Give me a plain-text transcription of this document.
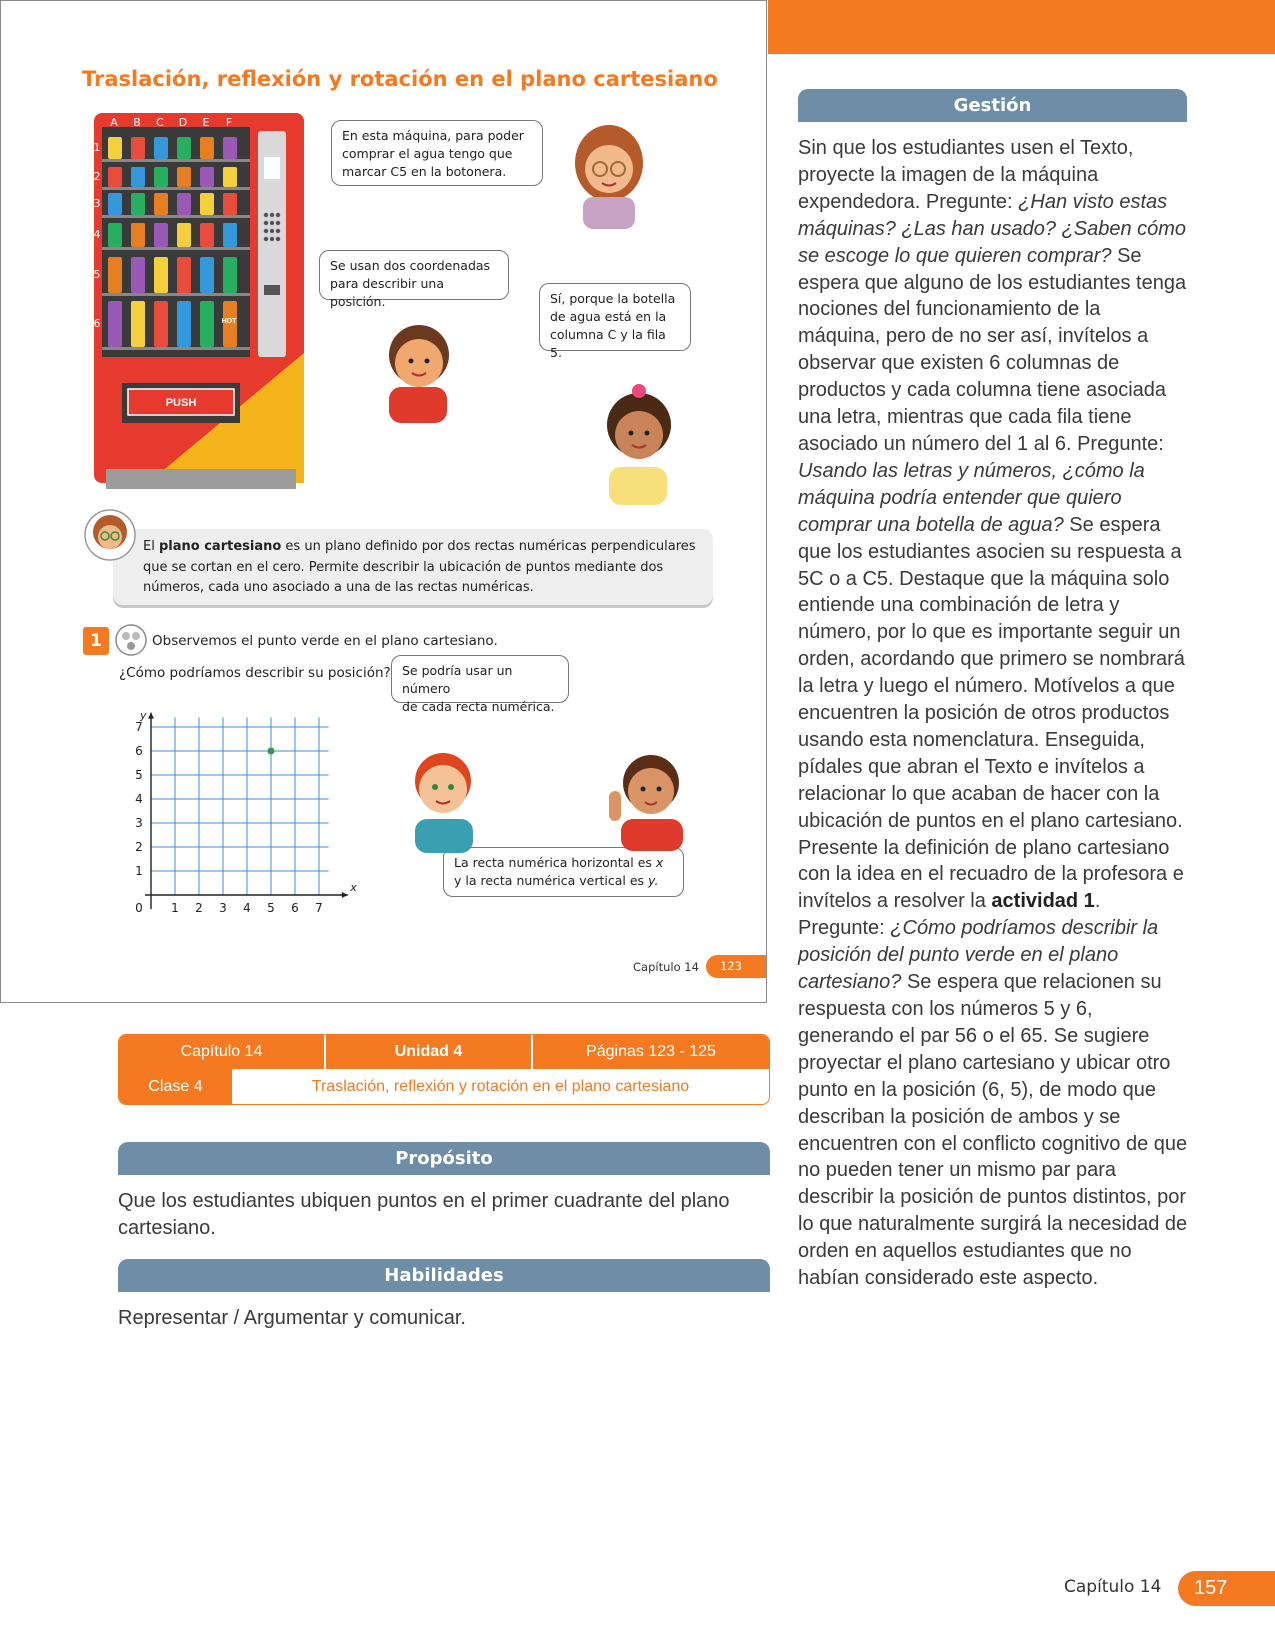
Traslación, reflexión y rotación en el plano cartesiano
HOT
A B C D E F
1
2
3
4
5
6
PUSH
En esta máquina, para poder
comprar el agua tengo que
marcar C5 en la botonera.
Se usan dos coordenadas
para describir una posición.	Sí, porque la botella
de agua está en la
columna C y la fila 5.
Se podría usar un número
de cada recta numérica.
La recta numérica horizontal es x
y la recta numérica vertical es y.
El plano cartesiano es un plano definido por dos rectas numéricas perpendiculares que se cortan en el cero. Permite describir la ubicación de puntos mediante dos números, cada uno asociado a una de las rectas numéricas.
1	Observemos el punto verde en el plano cartesiano.
¿Cómo podríamos describir su posición?
1 2 3 4 5 6 7
1
2
3
4
5
6
7
0
x
y
Capítulo 14	123
Capítulo 14	Unidad 4	Páginas 123 - 125
Clase 4	Traslación, reflexión y rotación en el plano cartesiano
Propósito
Que los estudiantes ubiquen puntos en el primer cuadrante del plano cartesiano.
Habilidades
Representar / Argumentar y comunicar.
Gestión
Sin que los estudiantes usen el Texto, proyecte la imagen de la máquina expendedora. Pregunte: ¿Han visto estas máquinas? ¿Las han usado? ¿Saben cómo se escoge lo que quieren comprar? Se espera que alguno de los estudiantes tenga nociones del funcionamiento de la máquina, pero de no ser así, invítelos a observar que existen 6 columnas de productos y cada columna tiene asociada una letra, mientras que cada fila tiene asociado un número del 1 al 6. Pregunte: Usando las letras y números, ¿cómo la máquina podría entender que quiero comprar una botella de agua? Se espera que los estudiantes asocien su respuesta a 5C o a C5. Destaque que la máquina solo entiende una combinación de letra y número, por lo que es importante seguir un orden, acordando que primero se nombrará la letra y luego el número. Motívelos a que encuentren la posición de otros productos usando esta nomenclatura. Enseguida, pídales que abran el Texto e invítelos a relacionar lo que acaban de hacer con la ubicación de puntos en el plano cartesiano. Presente la definición de plano cartesiano con la idea en el recuadro de la profesora e invítelos a resolver la actividad 1. Pregunte: ¿Cómo podríamos describir la posición del punto verde en el plano cartesiano? Se espera que relacionen su respuesta con los números 5 y 6, generando el par 56 o el 65. Se sugiere proyectar el plano cartesiano y ubicar otro punto en la posición (6, 5), de modo que describan la posición de ambos y se encuentren con el conflicto cognitivo de que no pueden tener un mismo par para describir la posición de puntos distintos, por lo que naturalmente surgirá la necesidad de orden en aquellos estudiantes que no habían considerado este aspecto.
Capítulo 14	157
